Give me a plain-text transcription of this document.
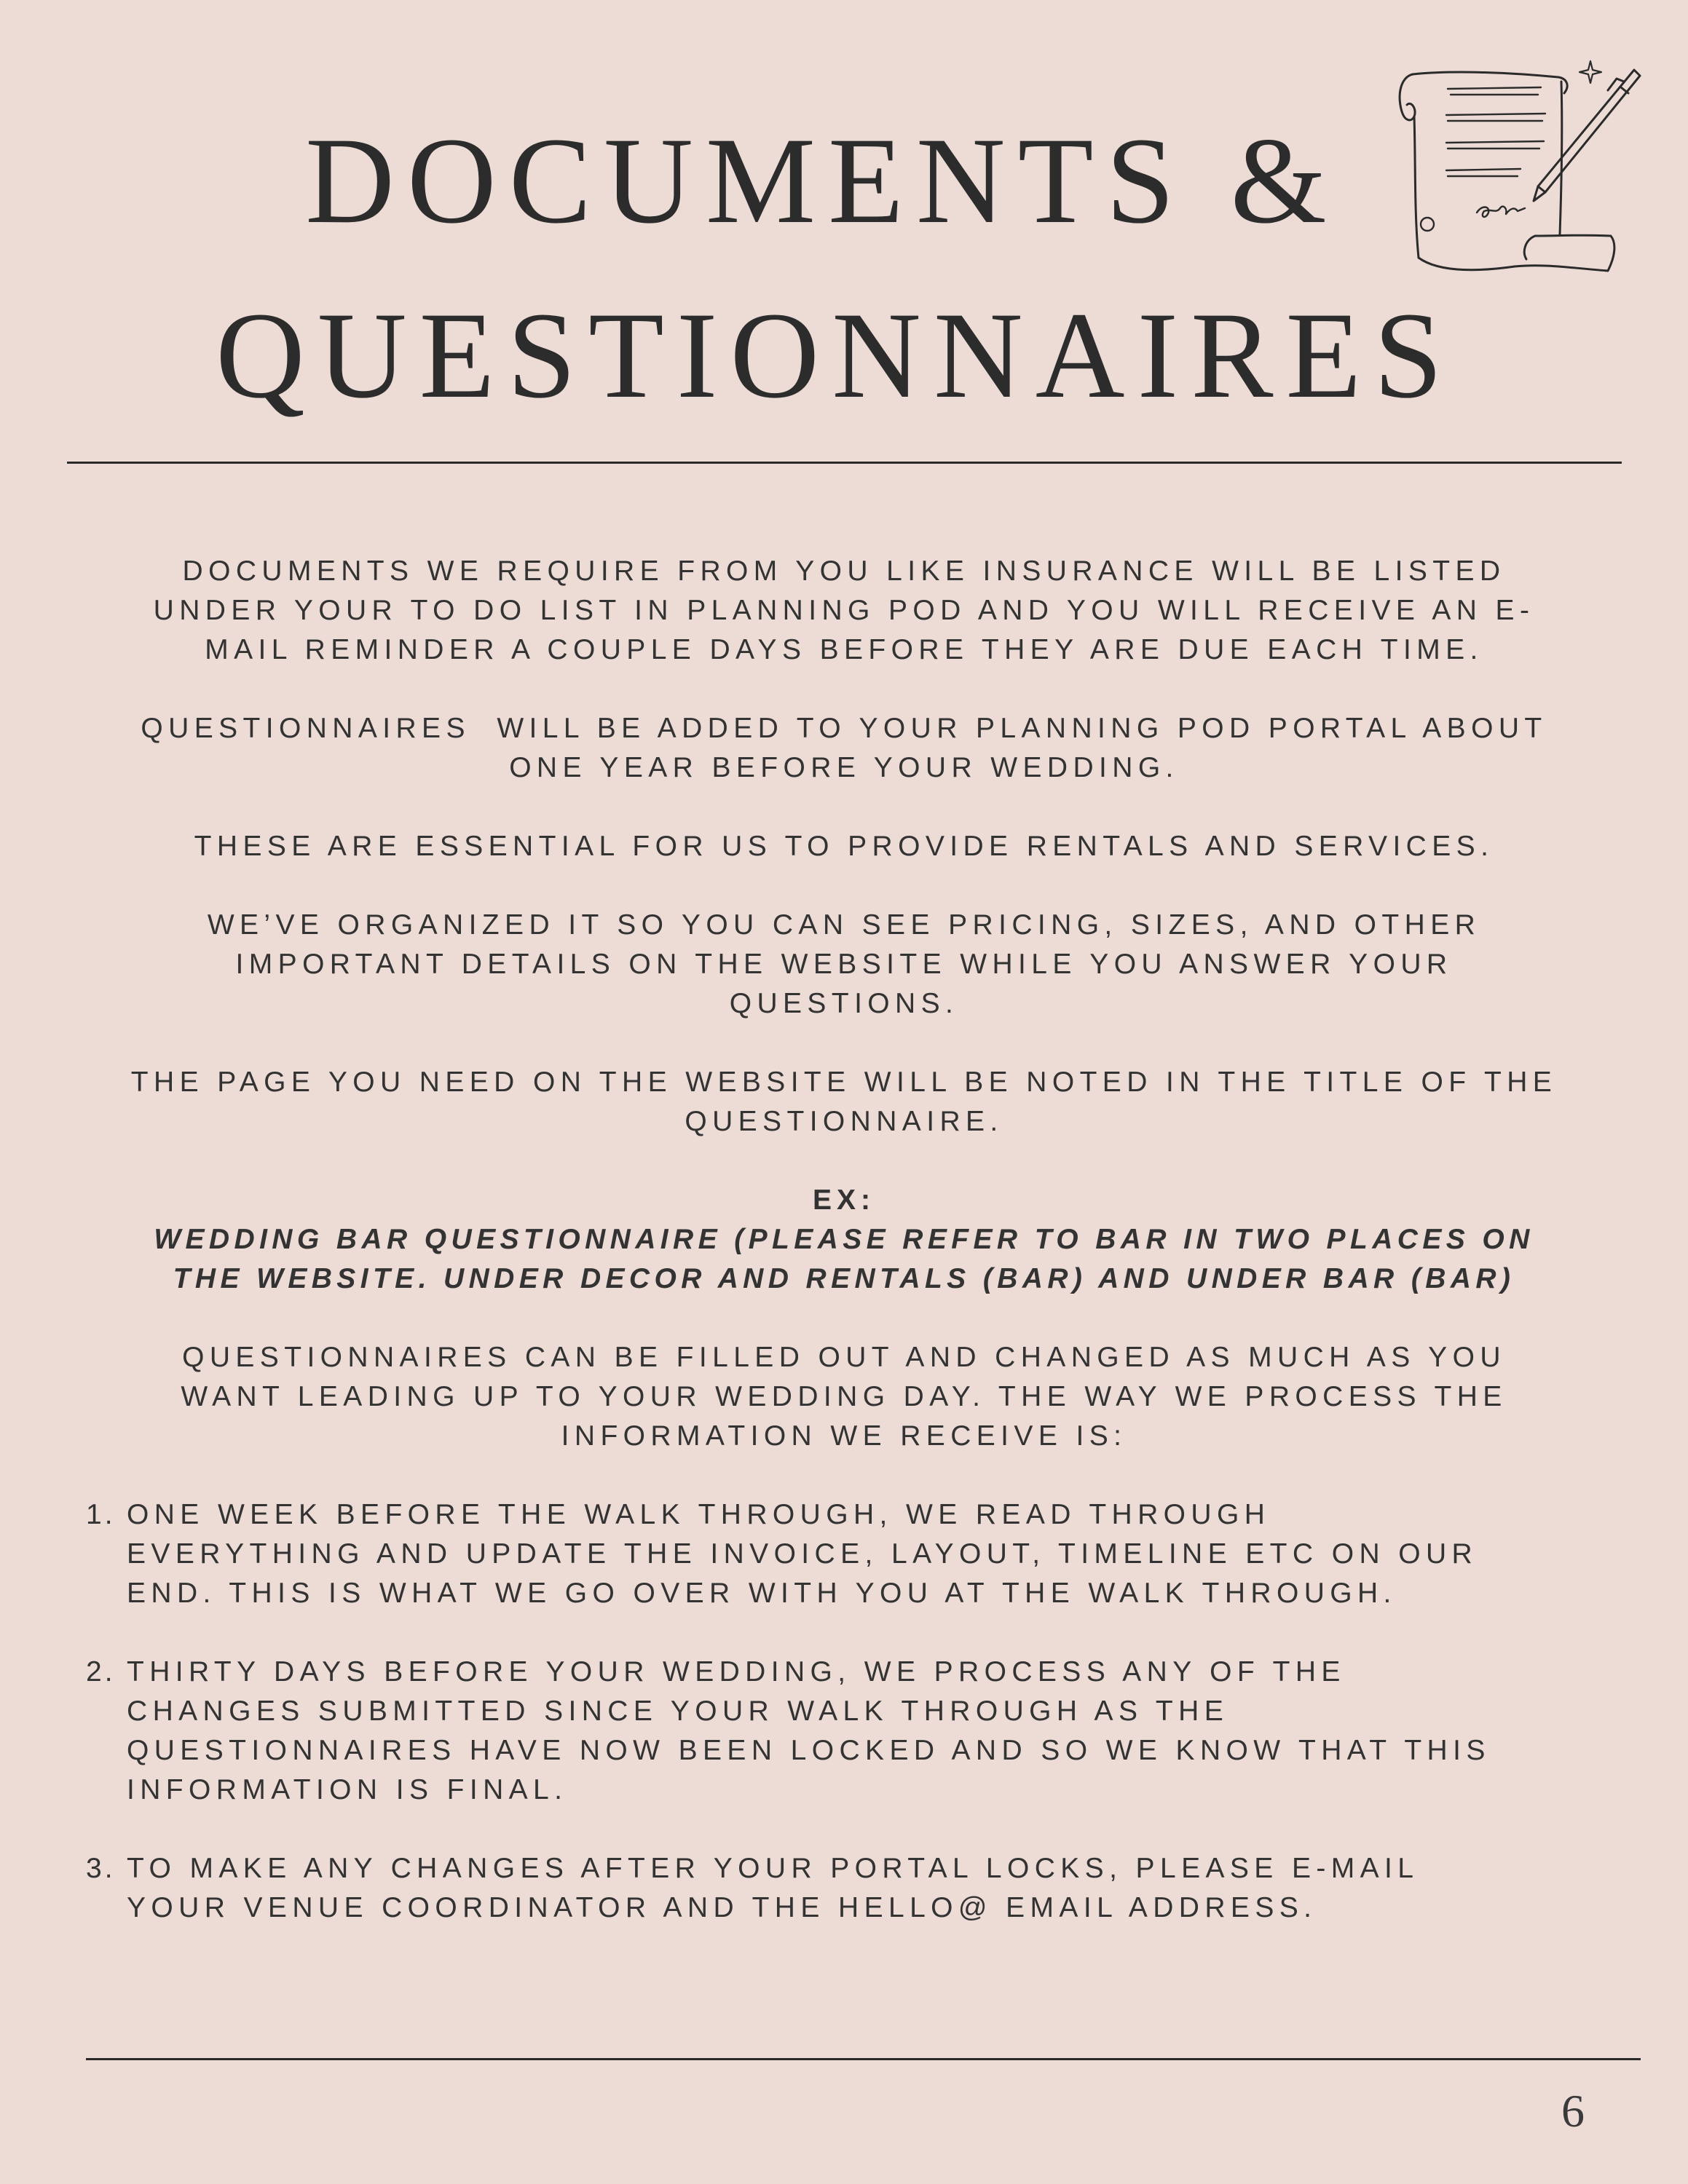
DOCUMENTS &
QUESTIONNAIRES

DOCUMENTS WE REQUIRE FROM YOU LIKE INSURANCE WILL BE LISTED
UNDER YOUR TO DO LIST IN PLANNING POD AND YOU WILL RECEIVE AN E-
MAIL REMINDER A COUPLE DAYS BEFORE THEY ARE DUE EACH TIME.

QUESTIONNAIRES  WILL BE ADDED TO YOUR PLANNING POD PORTAL ABOUT
ONE YEAR BEFORE YOUR WEDDING.

THESE ARE ESSENTIAL FOR US TO PROVIDE RENTALS AND SERVICES.

WE’VE ORGANIZED IT SO YOU CAN SEE PRICING, SIZES, AND OTHER
IMPORTANT DETAILS ON THE WEBSITE WHILE YOU ANSWER YOUR
QUESTIONS.

THE PAGE YOU NEED ON THE WEBSITE WILL BE NOTED IN THE TITLE OF THE
QUESTIONNAIRE.

EX:
WEDDING BAR QUESTIONNAIRE (PLEASE REFER TO BAR IN TWO PLACES ON
THE WEBSITE. UNDER DECOR AND RENTALS (BAR) AND UNDER BAR (BAR)

QUESTIONNAIRES CAN BE FILLED OUT AND CHANGED AS MUCH AS YOU
WANT LEADING UP TO YOUR WEDDING DAY. THE WAY WE PROCESS THE
INFORMATION WE RECEIVE IS:

1. ONE WEEK BEFORE THE WALK THROUGH, WE READ THROUGH
EVERYTHING AND UPDATE THE INVOICE, LAYOUT, TIMELINE ETC ON OUR
END. THIS IS WHAT WE GO OVER WITH YOU AT THE WALK THROUGH.
2. THIRTY DAYS BEFORE YOUR WEDDING, WE PROCESS ANY OF THE
CHANGES SUBMITTED SINCE YOUR WALK THROUGH AS THE
QUESTIONNAIRES HAVE NOW BEEN LOCKED AND SO WE KNOW THAT THIS
INFORMATION IS FINAL.
3. TO MAKE ANY CHANGES AFTER YOUR PORTAL LOCKS, PLEASE E-MAIL
YOUR VENUE COORDINATOR AND THE HELLO@ EMAIL ADDRESS.
6
